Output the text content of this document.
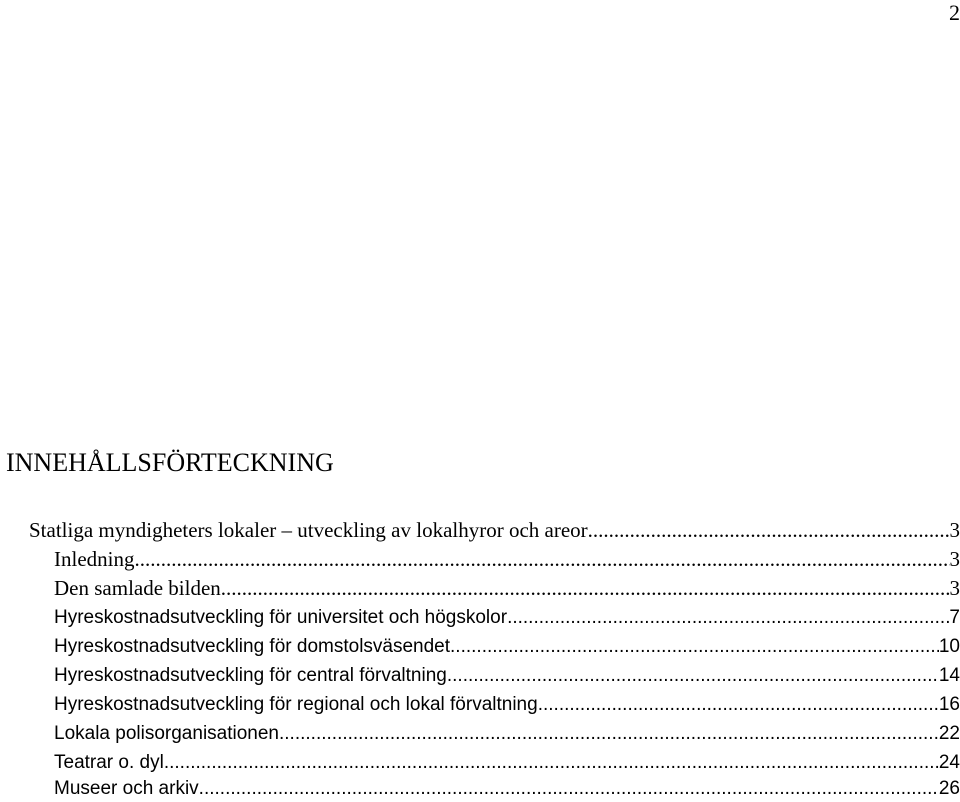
2
INNEHÅLLSFÖRTECKNING
Statliga myndigheters lokaler – utveckling av lokalhyror och areor .....	3
Inledning .....	3
Den samlade bilden .....	3
Hyreskostnadsutveckling för universitet och högskolor .....	7
Hyreskostnadsutveckling för domstolsväsendet .....	10
Hyreskostnadsutveckling för central förvaltning .....	14
Hyreskostnadsutveckling för regional och lokal förvaltning .....	16
Lokala polisorganisationen .....	22
Teatrar o. dyl. .....	24
Museer och arkiv .....	26
